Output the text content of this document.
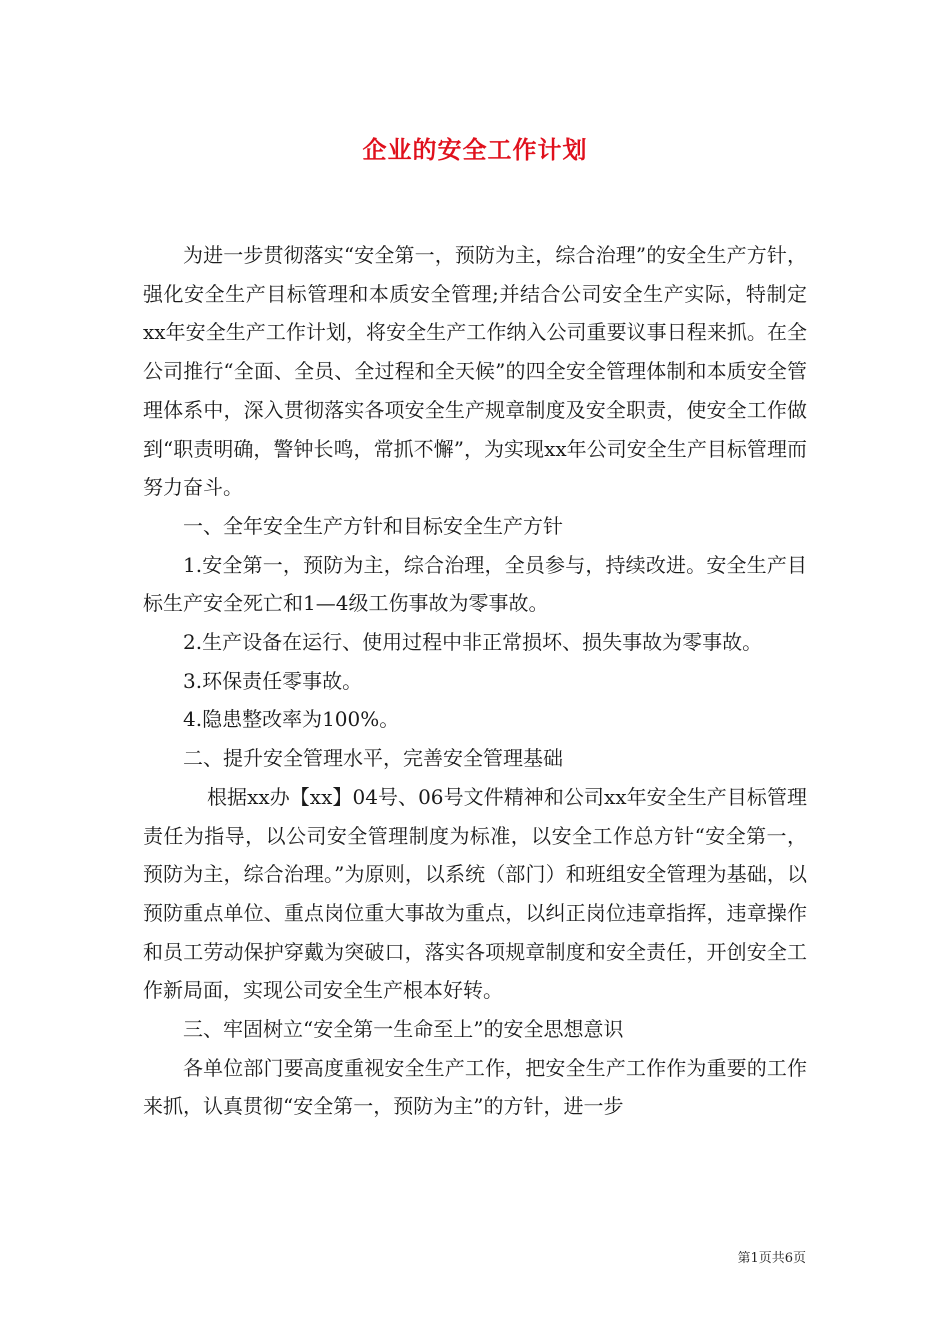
企业的安全工作计划

为进一步贯彻落实“安全第一，预防为主，综合治理”的安全生产方针，强化安全生产目标管理和本质安全管理;并结合公司安全生产实际，特制定xx年安全生产工作计划，将安全生产工作纳入公司重要议事日程来抓。在全公司推行“全面、全员、全过程和全天候”的四全安全管理体制和本质安全管理体系中，深入贯彻落实各项安全生产规章制度及安全职责，使安全工作做到“职责明确，警钟长鸣，常抓不懈”，为实现xx年公司安全生产目标管理而努力奋斗。

一、全年安全生产方针和目标安全生产方针

1.安全第一，预防为主，综合治理，全员参与，持续改进。安全生产目标生产安全死亡和1—4级工伤事故为零事故。

2.生产设备在运行、使用过程中非正常损坏、损失事故为零事故。

3.环保责任零事故。

4.隐患整改率为100%。

二、提升安全管理水平，完善安全管理基础

根据xx办【xx】04号、06号文件精神和公司xx年安全生产目标管理责任为指导，以公司安全管理制度为标准，以安全工作总方针“安全第一，预防为主，综合治理。”为原则，以系统（部门）和班组安全管理为基础，以预防重点单位、重点岗位重大事故为重点，以纠正岗位违章指挥，违章操作和员工劳动保护穿戴为突破口，落实各项规章制度和安全责任，开创安全工作新局面，实现公司安全生产根本好转。

三、牢固树立“安全第一生命至上”的安全思想意识

各单位部门要高度重视安全生产工作，把安全生产工作作为重要的工作来抓，认真贯彻“安全第一，预防为主”的方针，进一步

第1页共6页
